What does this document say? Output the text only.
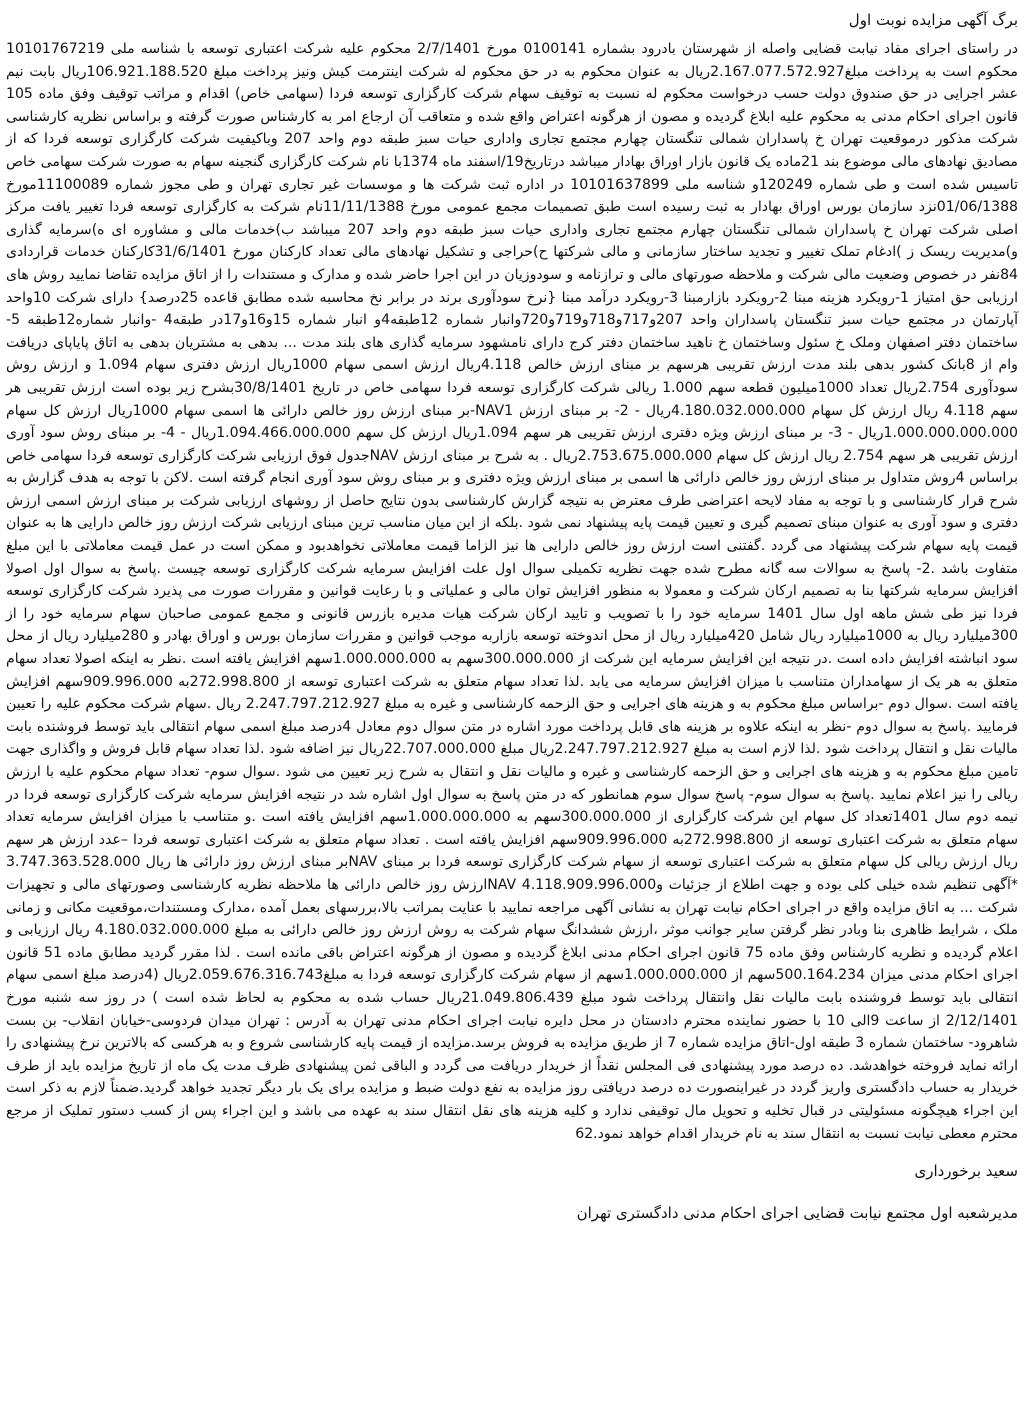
برگ آگهی مزایده نوبت اول

در راستای اجرای مفاد نیابت قضایی واصله از شهرستان بادرود بشماره 0100141 مورخ 2/7/1401 محکوم علیه شرکت اعتباری توسعه با شناسه ملی 10101767219 محکوم است به پرداخت مبلغ2.167.077.572.927ریال به عنوان محکوم به در حق محکوم له شرکت اینترمت کیش ونیز پرداخت مبلغ 106.921.188.520ریال بابت نیم عشر اجرایی در حق صندوق دولت حسب درخواست محکوم له نسبت به توقیف سهام شرکت کارگزاری توسعه فردا (سهامی خاص) اقدام و مراتب توقیف وفق ماده 105 قانون اجرای احکام مدنی به محکوم علیه ابلاغ گردیده و مصون از هرگونه اعتراض واقع شده و متعاقب آن ارجاع امر به کارشناس صورت گرفته و براساس نظریه کارشناسی شرکت مذکور درموقعیت تهران خ پاسداران شمالی تنگستان چهارم مجتمع تجاری واداری حیات سبز طبقه دوم واحد 207 وباکیفیت شرکت کارگزاری توسعه فردا که از مصادیق نهادهای مالی موضوع بند 21ماده یک قانون بازار اوراق بهادار میباشد درتاریخ19/اسفند ماه 1374با نام شرکت کارگزاری گنجینه سهام به صورت شرکت سهامی خاص تاسیس شده است و طی شماره 120249و شناسه ملی 10101637899 در اداره ثبت شرکت ها و موسسات غیر تجاری تهران و طی مجوز شماره 11100089مورخ 01/06/1388نزد سازمان بورس اوراق بهادار به ثبت رسیده است طبق تصمیمات مجمع عمومی مورخ 11/11/1388نام شرکت به کارگزاری توسعه فردا تغییر یافت مرکز اصلی شرکت تهران خ پاسداران شمالی تنگستان چهارم مجتمع تجاری واداری حیات سبز طبقه دوم واحد 207 میباشد ب)خدمات مالی و مشاوره ای ه)سرمایه گذاری و)مدیریت ریسک ز )ادغام تملک تغییر و تجدید ساختار سازمانی و مالی شرکتها ح)حراجی و تشکیل نهادهای مالی تعداد کارکنان مورخ 31/6/1401کارکنان خدمات قراردادی 84نفر در خصوص وضعیت مالی شرکت و ملاحظه صورتهای مالی و ترازنامه و سودوزیان در این اجرا حاضر شده و مدارک و مستندات را از اتاق مزایده تقاضا نمایید روش های ارزیابی حق امتیاز 1-رویکرد هزینه مبنا 2-رویکرد بازارمبنا 3-رویکرد درآمد مبنا {نرخ سودآوری برند در برابر نخ محاسبه شده مطابق قاعده 25درصد} دارای شرکت 10واحد آپارتمان در مجتمع حیات سبز تنگستان پاسداران واحد 207و717و718و719و720وانبار شماره 12طبقه4و انبار شماره 15و16و17در طبقه4 -وانبار شماره12طبقه 5- ساختمان دفتر اصفهان وملک خ سئول وساختمان خ ناهید ساختمان دفتر کرج دارای نامشهود سرمایه گذاری های بلند مدت ... بدهی به مشتریان بدهی به اتاق پایاپای دریافت وام از 8بانک کشور بدهی بلند مدت ارزش تقریبی هرسهم بر مبنای ارزش خالص 4.118ریال ارزش اسمی سهام 1000ریال ارزش دفتری سهام 1.094 و ارزش روش سودآوری 2.754ریال تعداد 1000میلیون قطعه سهم 1.000 ریالی شرکت کارگزاری توسعه فردا سهامی خاص در تاریخ 30/8/1401بشرح زیر بوده است ارزش تقریبی هر سهم 4.118 ریال ارزش کل سهام 4.180.032.000.000ریال - 2- بر مبنای ارزش NAV1-بر مبنای ارزش روز خالص دارائی ها اسمی سهام 1000ریال ارزش کل سهام 1.000.000.000.000ریال - 3- بر مبنای ارزش ویژه دفتری ارزش تقریبی هر سهم 1.094ریال ارزش کل سهم 1.094.466.000.000ریال - 4- بر مبنای روش سود آوری ارزش تقریبی هر سهم 2.754 ریال ارزش کل سهام 2.753.675.000.000ریال . به شرح بر مبنای ارزش NAVجدول فوق ارزیابی شرکت کارگزاری توسعه فردا سهامی خاص براساس 4روش متداول بر مبنای ارزش روز خالص دارائی ها اسمی بر مبنای ارزش ویژه دفتری و بر مبنای روش سود آوری انجام گرفته است .لاکن با توجه به هدف گزارش به شرح قرار کارشناسی و با توجه به مفاد لایحه اعتراضی طرف معترض به نتیجه گزارش کارشناسی بدون نتایج حاصل از روشهای ارزیابی شرکت بر مبنای ارزش اسمی ارزش دفتری و سود آوری به عنوان مبنای تصمیم گیری و تعیین قیمت پایه پیشنهاد نمی شود .بلکه از این میان مناسب ترین مبنای ارزیابی شرکت ارزش روز خالص دارایی ها به عنوان قیمت پایه سهام شرکت پیشنهاد می گردد .گفتنی است ارزش روز خالص دارایی ها نیز الزاما قیمت معاملاتی نخواهدبود و ممکن است در عمل قیمت معاملاتی با این مبلغ متفاوت باشد .2- پاسخ به سوالات سه گانه مطرح شده جهت نظریه تکمیلی سوال اول علت افزایش سرمایه شرکت کارگزاری توسعه چیست .پاسخ به سوال اول اصولا افزایش سرمایه شرکتها بنا به تصمیم ارکان شرکت و معمولا به منظور افزایش توان مالی و عملیاتی و با رعایت قوانین و مقررات صورت می پذیرد شرکت کارگزاری توسعه فردا نیز طی شش ماهه اول سال 1401 سرمایه خود را با تصویب و تایید ارکان شرکت هیات مدیره بازرس قانونی و مجمع عمومی صاحبان سهام سرمایه خود را از 300میلیارد ریال به 1000میلیارد ریال شامل 420میلیارد ریال از محل اندوخته توسعه بازاربه موجب قوانین و مقررات سازمان بورس و اوراق بهادر و 280میلیارد ریال از محل سود انباشته افزایش داده است .در نتیجه این افزایش سرمایه این شرکت از 300.000.000سهم به 1.000.000.000سهم افزایش یافته است .نظر به اینکه اصولا تعداد سهام متعلق به هر یک از سهامداران متناسب با میزان افزایش سرمایه می یابد .لذا تعداد سهام متعلق به شرکت اعتباری توسعه از 272.998.800به 909.996.000سهم افزایش یافته است .سوال دوم -براساس مبلغ محکوم به و هزینه های اجرایی و حق الزحمه کارشناسی و غیره به مبلغ 2.247.797.212.927 ریال .سهام شرکت محکوم علیه را تعیین فرمایید .پاسخ به سوال دوم -نظر به اینکه علاوه بر هزینه های قابل پرداخت مورد اشاره در متن سوال دوم معادل 4درصد مبلغ اسمی سهام انتقالی باید توسط فروشنده بابت مالیات نقل و انتقال پرداخت شود .لذا لازم است به مبلغ 2.247.797.212.927ریال مبلغ 22.707.000.000ریال نیز اضافه شود .لذا تعداد سهام قابل فروش و واگذاری جهت تامین مبلغ محکوم به و هزینه های اجرایی و حق الزحمه کارشناسی و غیره و مالیات نقل و انتقال به شرح زیر تعیین می شود .سوال سوم- تعداد سهام محکوم علیه با ارزش ریالی را نیز اعلام نمایید .پاسخ به سوال سوم- پاسخ سوال سوم همانطور که در متن پاسخ به سوال اول اشاره شد در نتیجه افزایش سرمایه شرکت کارگزاری توسعه فردا در نیمه دوم سال 1401تعداد کل سهام این شرکت کارگزاری از 300.000.000سهم به 1.000.000.000سهم افزایش یافته است .و متناسب با میزان افزایش سرمایه تعداد سهام متعلق به شرکت اعتباری توسعه از 272.998.800به 909.996.000سهم افزایش یافته است . تعداد سهام متعلق به شرکت اعتباری توسعه فردا –عدد ارزش هر سهم ریال ارزش ریالی کل سهام متعلق به شرکت اعتباری توسعه از سهام شرکت کارگزاری توسعه فردا بر مبنای NAVبر مبنای ارزش روز دارائی ها ریال 3.747.363.528.000 *آگهی تنظیم شده خیلی کلی بوده و جهت اطلاع از جزئیات و4.118.909.996.000 NAVارزش روز خالص دارائی ها ملاحظه نظریه کارشناسی وصورتهای مالی و تجهیزات شرکت ... به اتاق مزایده واقع در اجرای احکام نیابت تهران به نشانی آگهی مراجعه نمایید با عنایت بمراتب بالا،بررسهای بعمل آمده ،مدارک ومستندات،موقعیت مکانی و زمانی ملک ، شرایط ظاهری بنا وبادر نظر گرفتن سایر جوانب موثر ،ارزش ششدانگ سهام شرکت به روش ارزش روز خالص دارائی به مبلغ 4.180.032.000.000 ریال ارزیابی و اعلام گردیده و نظریه کارشناس وفق ماده 75 قانون اجرای احکام مدنی ابلاغ گردیده و مصون از هرگونه اعتراض باقی مانده است . لذا مقرر گردید مطابق ماده 51 قانون اجرای احکام مدنی میزان 500.164.234سهم از 1.000.000.000سهم از سهام شرکت کارگزاری توسعه فردا به مبلغ2.059.676.316.743ریال (4درصد مبلغ اسمی سهام انتقالی باید توسط فروشنده بابت مالیات نقل وانتقال پرداخت شود مبلغ 21.049.806.439ریال حساب شده به محکوم به لحاظ شده است ) در روز سه شنبه مورخ 2/12/1401 از ساعت 9الی 10 با حضور نماینده محترم دادستان در محل دایره نیابت اجرای احکام مدنی تهران به آدرس : تهران میدان فردوسی-خیابان انقلاب- بن بست شاهرود- ساختمان شماره 3 طبقه اول-اتاق مزایده شماره 7 از طریق مزایده به فروش برسد.مزایده از قیمت پایه کارشناسی شروع و به هرکسی که بالاترین نرخ پیشنهادی را ارائه نماید فروخته خواهدشد. ده درصد مورد پیشنهادی فی المجلس نقداً از خریدار دریافت می گردد و الباقی ثمن پیشنهادی ظرف مدت یک ماه از تاریخ مزایده باید از طرف خریدار به حساب دادگستری واریز گردد در غیراینصورت ده درصد دریافتی روز مزایده به نفع دولت ضبط و مزایده برای یک بار دیگر تجدید خواهد گردید.ضمناً لازم به ذکر است این اجراء هیچگونه مسئولیتی در قبال تخلیه و تحویل مال توقیفی ندارد و کلیه هزینه های نقل انتقال سند به عهده می باشد و این اجراء پس از کسب دستور تملیک از مرجع محترم معطی نیابت نسبت به انتقال سند به نام خریدار اقدام خواهد نمود.62

سعید برخورداری
مدیرشعبه اول مجتمع نیابت قضایی اجرای احکام مدنی دادگستری تهران
